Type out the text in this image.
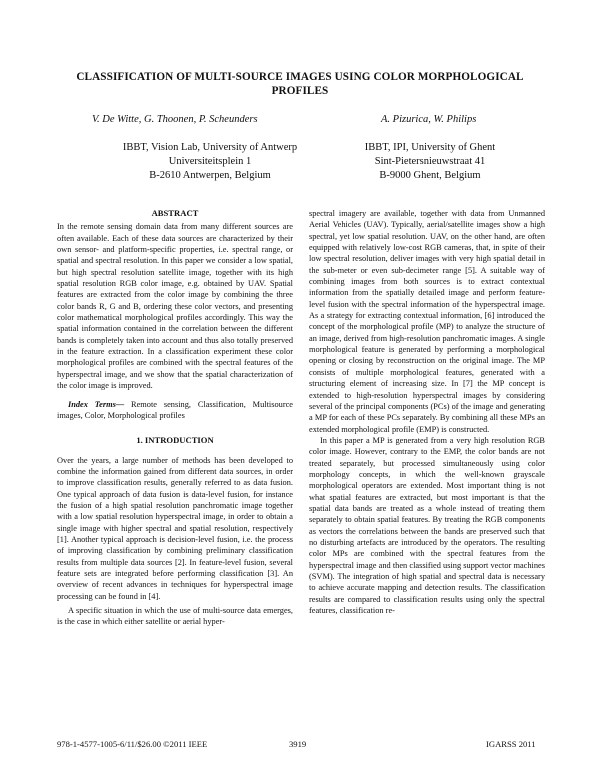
CLASSIFICATION OF MULTI-SOURCE IMAGES USING COLOR MORPHOLOGICAL
PROFILES
V. De Witte, G. Thoonen, P. Scheunders	A. Pizurica, W. Philips
IBBT, Vision Lab, University of Antwerp
Universiteitsplein 1
B-2610 Antwerpen, Belgium
IBBT, IPI, University of Ghent
Sint-Pietersnieuwstraat 41
B-9000 Ghent, Belgium

ABSTRACT

In the remote sensing domain data from many different sources are often available. Each of these data sources are characterized by their own sensor- and platform-specific properties, i.e. spectral range, or spatial and spectral resolution. In this paper we consider a low spatial, but high spectral resolution satellite image, together with its high spatial resolution RGB color image, e.g. obtained by UAV. Spatial features are extracted from the color image by combining the three color bands R, G and B, ordering these color vectors, and presenting color mathematical morphological profiles accordingly. This way the spatial information contained in the correlation between the different bands is completely taken into account and thus also totally preserved in the feature extraction. In a classification experiment these color morphological profiles are combined with the spectral features of the hyperspectral image, and we show that the spatial characterization of the color image is improved.

Index Terms— Remote sensing, Classification, Multisource images, Color, Morphological profiles

1. INTRODUCTION

Over the years, a large number of methods has been developed to combine the information gained from different data sources, in order to improve classification results, generally referred to as data fusion. One typical approach of data fusion is data-level fusion, for instance the fusion of a high spatial resolution panchromatic image together with a low spatial resolution hyperspectral image, in order to obtain a single image with higher spectral and spatial resolution, respectively [1]. Another typical approach is decision-level fusion, i.e. the process of improving classification by combining preliminary classification results from multiple data sources [2]. In feature-level fusion, several feature sets are integrated before performing classification [3]. An overview of recent advances in techniques for hyperspectral image processing can be found in [4].

A specific situation in which the use of multi-source data emerges, is the case in which either satellite or aerial hyper-

spectral imagery are available, together with data from Unmanned Aerial Vehicles (UAV). Typically, aerial/satellite images show a high spectral, yet low spatial resolution. UAV, on the other hand, are often equipped with relatively low-cost RGB cameras, that, in spite of their low spectral resolution, deliver images with very high spatial detail in the sub-meter or even sub-decimeter range [5]. A suitable way of combining images from both sources is to extract contextual information from the spatially detailed image and perform feature-level fusion with the spectral information of the hyperspectral image. As a strategy for extracting contextual information, [6] introduced the concept of the morphological profile (MP) to analyze the structure of an image, derived from high-resolution panchromatic images. A single morphological feature is generated by performing a morphological opening or closing by reconstruction on the original image. The MP consists of multiple morphological features, generated with a structuring element of increasing size. In [7] the MP concept is extended to high-resolution hyperspectral images by considering several of the principal components (PCs) of the image and generating a MP for each of these PCs separately. By combining all these MPs an extended morphological profile (EMP) is constructed.

In this paper a MP is generated from a very high resolution RGB color image. However, contrary to the EMP, the color bands are not treated separately, but processed simultaneously using color morphology concepts, in which the well-known grayscale morphological operators are extended. Most important thing is not what spatial features are extracted, but most important is that the spatial data bands are treated as a whole instead of treating them separately to obtain spatial features. By treating the RGB components as vectors the correlations between the bands are preserved such that no disturbing artefacts are introduced by the operators. The resulting color MPs are combined with the spectral features from the hyperspectral image and then classified using support vector machines (SVM). The integration of high spatial and spectral data is necessary to achieve accurate mapping and detection results. The classification results are compared to classification results using only the spectral features, classification re-

978-1-4577-1005-6/11/$26.00 ©2011 IEEE	3919	IGARSS 2011
